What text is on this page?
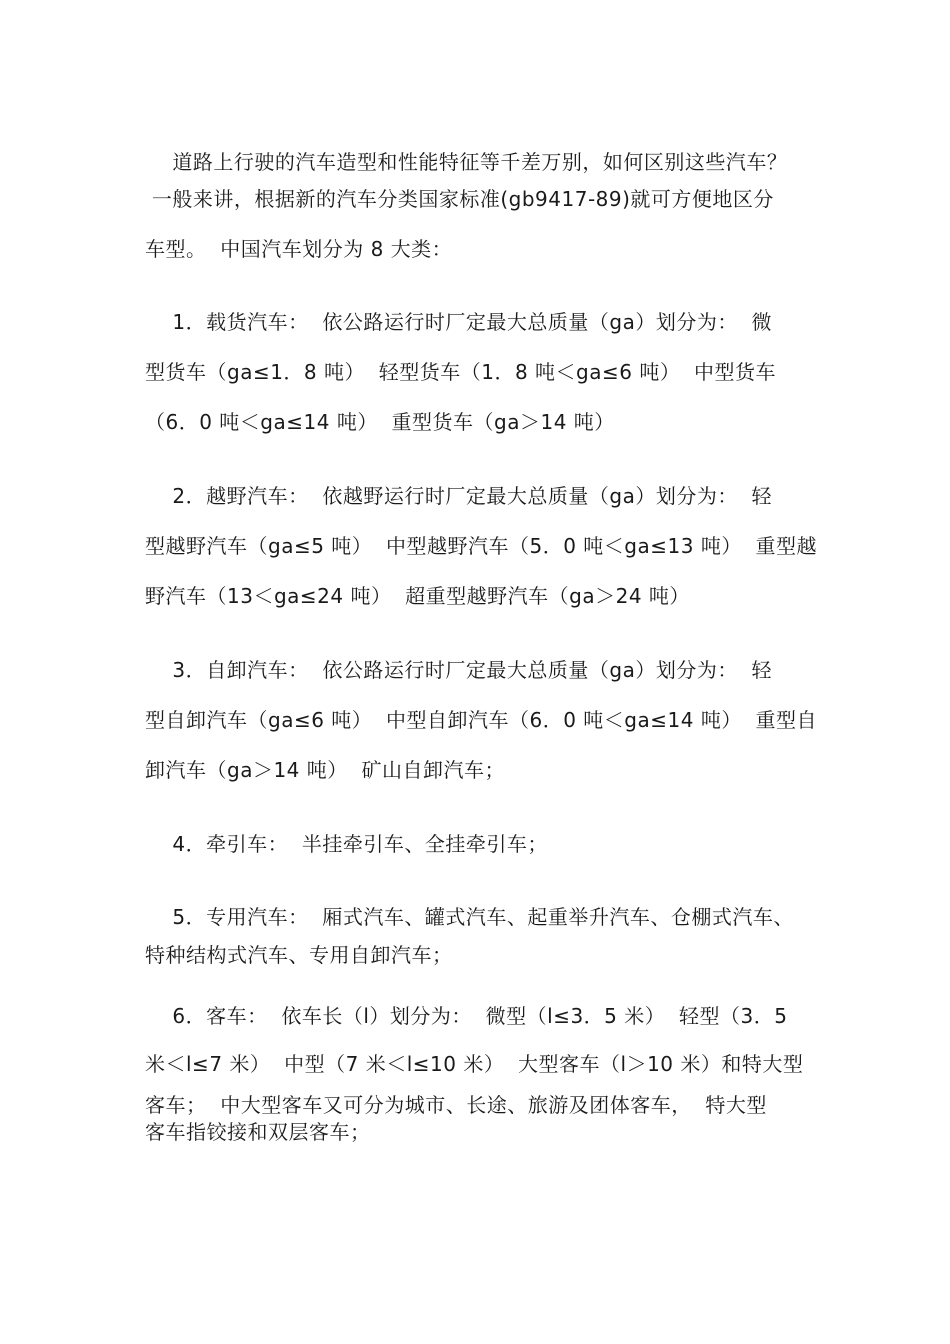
道路上行驶的汽车造型和性能特征等千差万别，如何区别这些汽车？
一般来讲，根据新的汽车分类国家标准(gb9417-89)就可方便地区分
车型。  中国汽车划分为 8 大类：
1．载货汽车：  依公路运行时厂定最大总质量（ga）划分为：  微
型货车（ga≤1．8 吨）  轻型货车（1．8 吨＜ga≤6 吨）  中型货车
（6．0 吨＜ga≤14 吨）  重型货车（ga＞14 吨）
2．越野汽车：  依越野运行时厂定最大总质量（ga）划分为：  轻
型越野汽车（ga≤5 吨）  中型越野汽车（5．0 吨＜ga≤13 吨）  重型越
野汽车（13＜ga≤24 吨）  超重型越野汽车（ga＞24 吨）
3．自卸汽车：  依公路运行时厂定最大总质量（ga）划分为：  轻
型自卸汽车（ga≤6 吨）  中型自卸汽车（6．0 吨＜ga≤14 吨）  重型自
卸汽车（ga＞14 吨）  矿山自卸汽车；
4．牵引车：  半挂牵引车、全挂牵引车；
5．专用汽车：  厢式汽车、罐式汽车、起重举升汽车、仓棚式汽车、
特种结构式汽车、专用自卸汽车；
6．客车：  依车长（l）划分为：  微型（l≤3．5 米）  轻型（3．5
米＜l≤7 米）  中型（7 米＜l≤10 米）  大型客车（l＞10 米）和特大型
客车；  中大型客车又可分为城市、长途、旅游及团体客车，  特大型
客车指铰接和双层客车；
